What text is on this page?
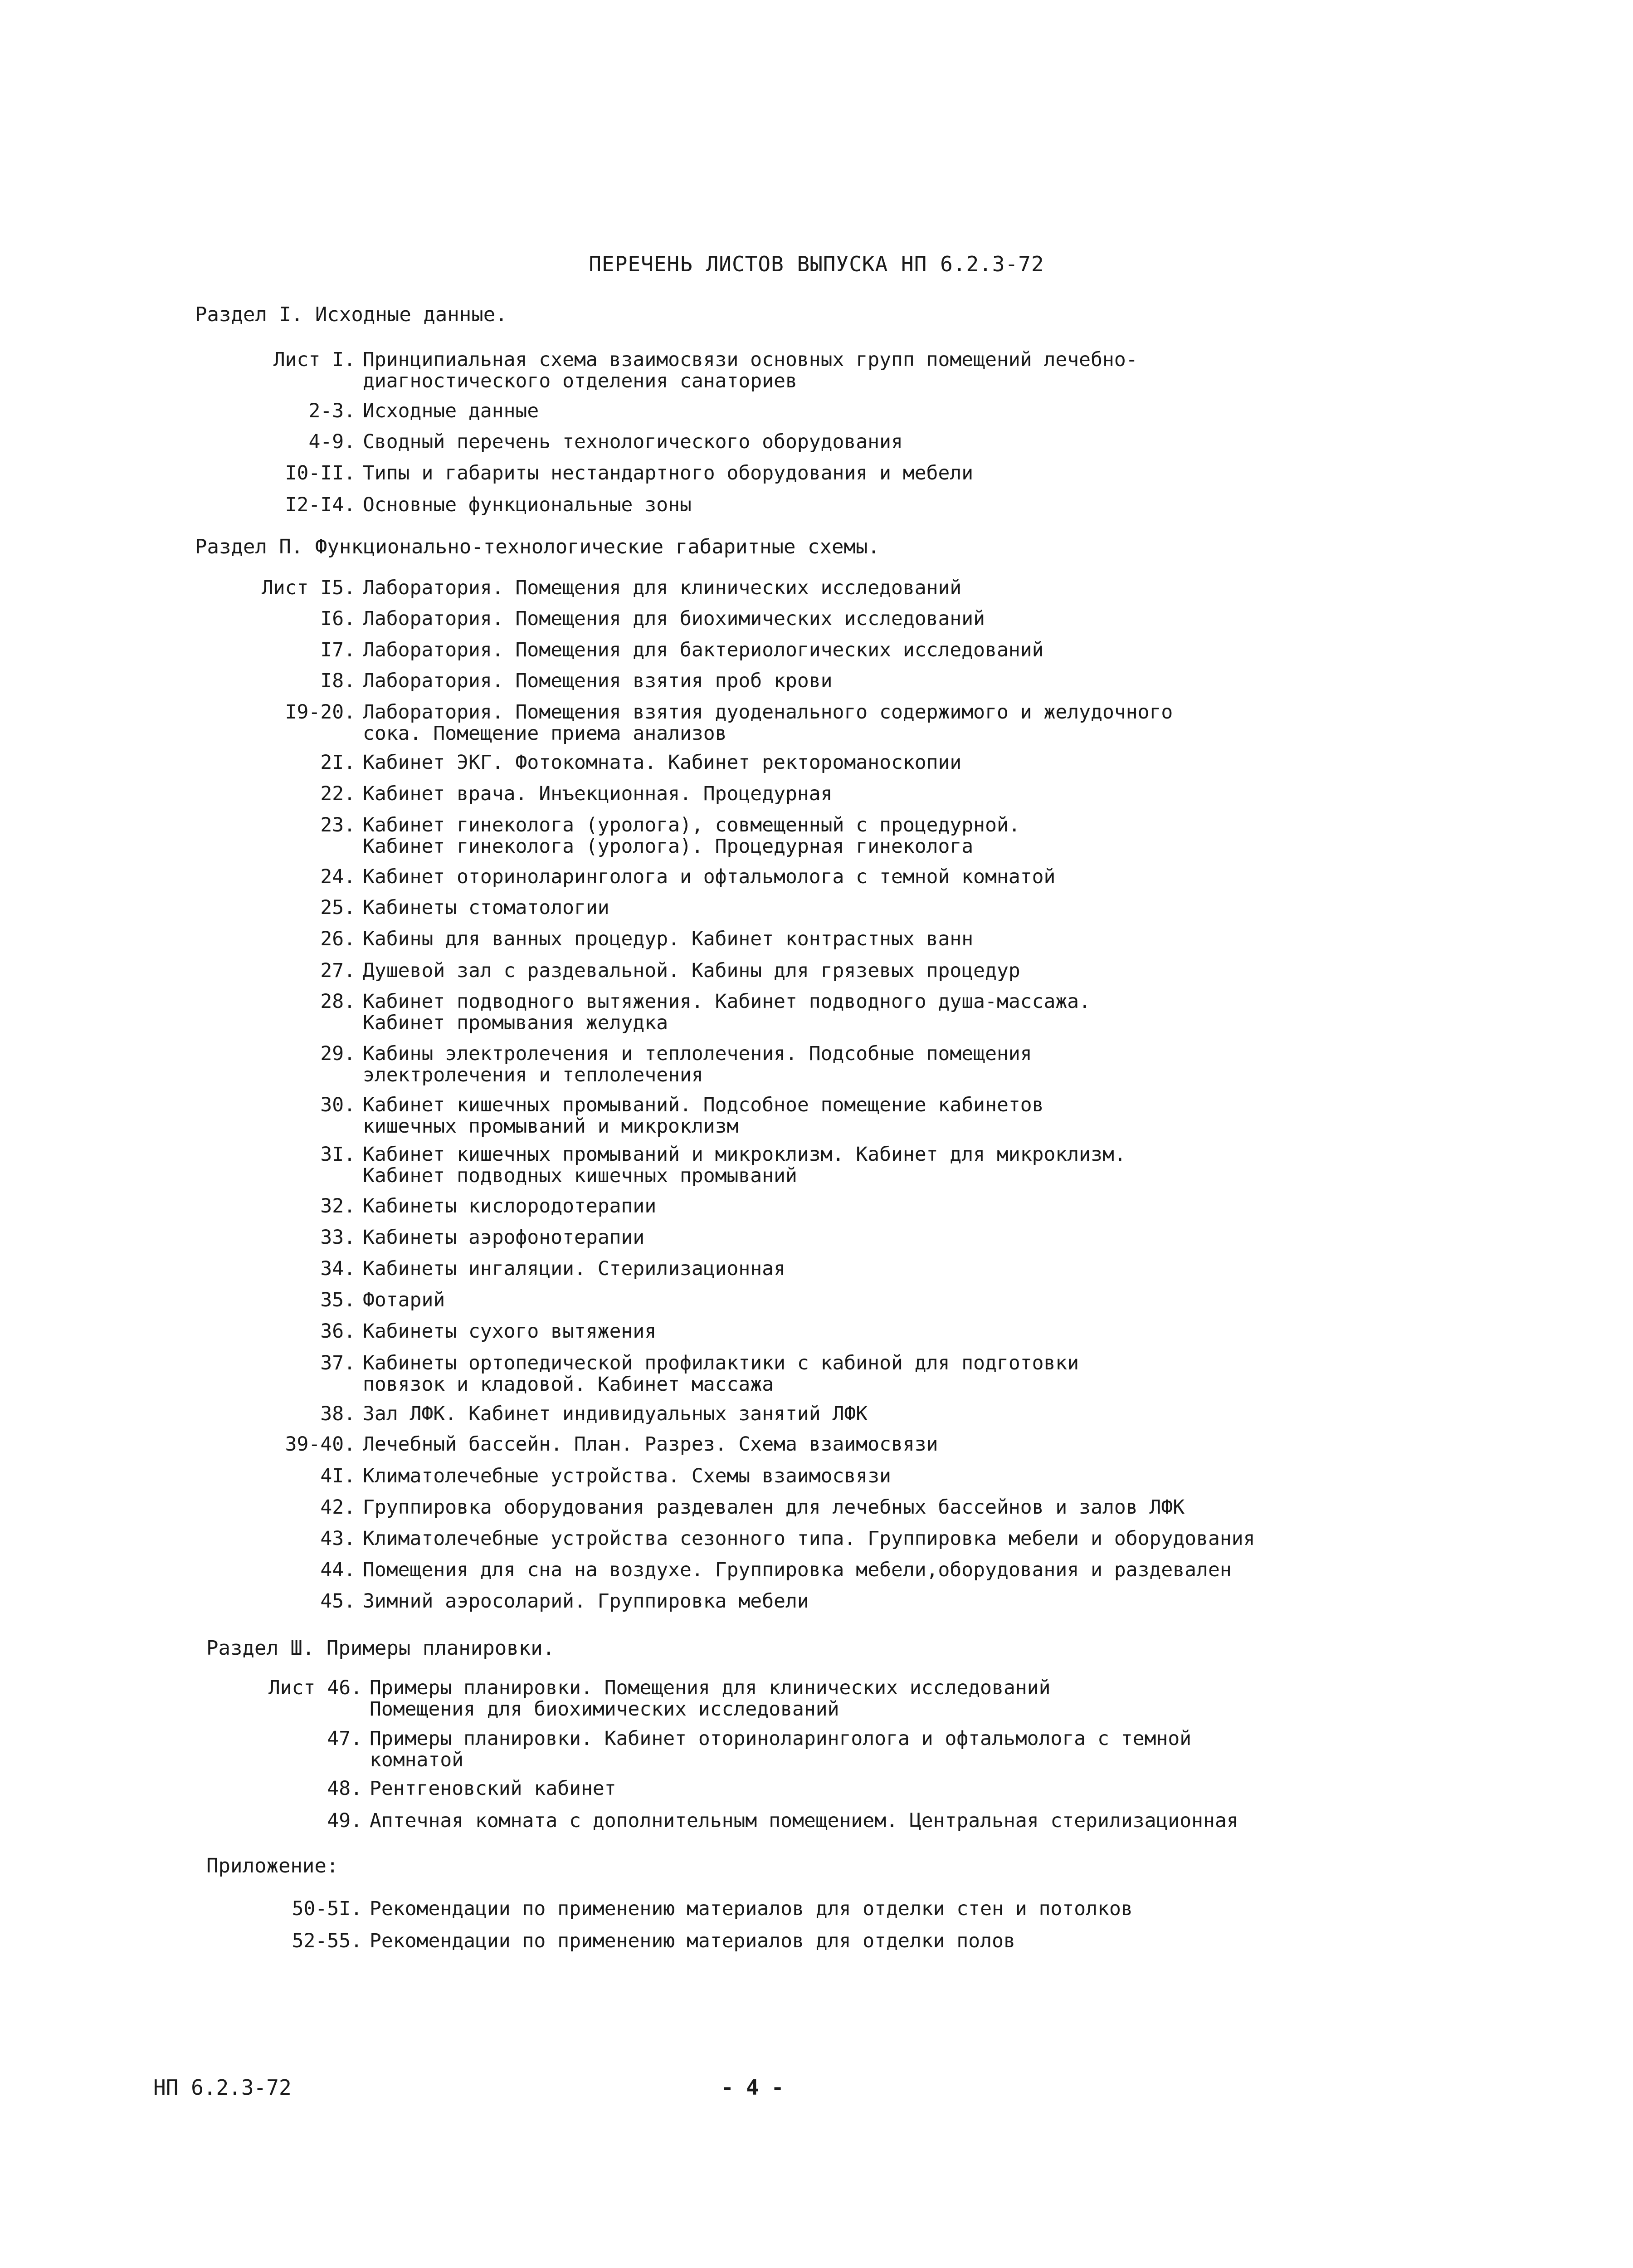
ПЕРЕЧЕНЬ ЛИСТОВ ВЫПУСКА НП 6.2.3-72
Раздел I. Исходные данные.
Лист I. Принципиальная схема взаимосвязи основных групп помещений лечебно-
диагностического отделения санаториев
2-3. Исходные данные
4-9. Сводный перечень технологического оборудования
I0-II. Типы и габариты нестандартного оборудования и мебели
I2-I4. Основные функциональные зоны
Раздел П. Функционально-технологические габаритные схемы.
Лист I5. Лаборатория. Помещения для клинических исследований
I6. Лаборатория. Помещения для биохимических исследований
I7. Лаборатория. Помещения для бактериологических исследований
I8. Лаборатория. Помещения взятия проб крови
I9-20. Лаборатория. Помещения взятия дуоденального содержимого и желудочного
сока. Помещение приема анализов
2I. Кабинет ЭКГ. Фотокомната. Кабинет ректороманоскопии
22. Кабинет врача. Инъекционная. Процедурная
23. Кабинет гинеколога (уролога), совмещенный с процедурной.
Кабинет гинеколога (уролога). Процедурная гинеколога
24. Кабинет оториноларинголога и офтальмолога с темной комнатой
25. Кабинеты стоматологии
26. Кабины для ванных процедур. Кабинет контрастных ванн
27. Душевой зал с раздевальной. Кабины для грязевых процедур
28. Кабинет подводного вытяжения. Кабинет подводного душа-массажа.
Кабинет промывания желудка
29. Кабины электролечения и теплолечения. Подсобные помещения
электролечения и теплолечения
30. Кабинет кишечных промываний. Подсобное помещение кабинетов
кишечных промываний и микроклизм
3I. Кабинет кишечных промываний и микроклизм. Кабинет для микроклизм.
Кабинет подводных кишечных промываний
32. Кабинеты кислородотерапии
33. Кабинеты аэрофонотерапии
34. Кабинеты ингаляции. Стерилизационная
35. Фотарий
36. Кабинеты сухого вытяжения
37. Кабинеты ортопедической профилактики с кабиной для подготовки
повязок и кладовой. Кабинет массажа
38. Зал ЛФК. Кабинет индивидуальных занятий ЛФК
39-40. Лечебный бассейн. План. Разрез. Схема взаимосвязи
4I. Климатолечебные устройства. Схемы взаимосвязи
42. Группировка оборудования раздевален для лечебных бассейнов и залов ЛФК
43. Климатолечебные устройства сезонного типа. Группировка мебели и оборудования
44. Помещения для сна на воздухе. Группировка мебели,оборудования и раздевален
45. Зимний аэросоларий. Группировка мебели
Раздел Ш. Примеры планировки.
Лист 46. Примеры планировки. Помещения для клинических исследований
Помещения для биохимических исследований
47. Примеры планировки. Кабинет оториноларинголога и офтальмолога с темной
комнатой
48. Рентгеновский кабинет
49. Аптечная комната с дополнительным помещением. Центральная стерилизационная
Приложение:
50-5I. Рекомендации по применению материалов для отделки стен и потолков
52-55. Рекомендации по применению материалов для отделки полов
НП 6.2.3-72	- 4 -
